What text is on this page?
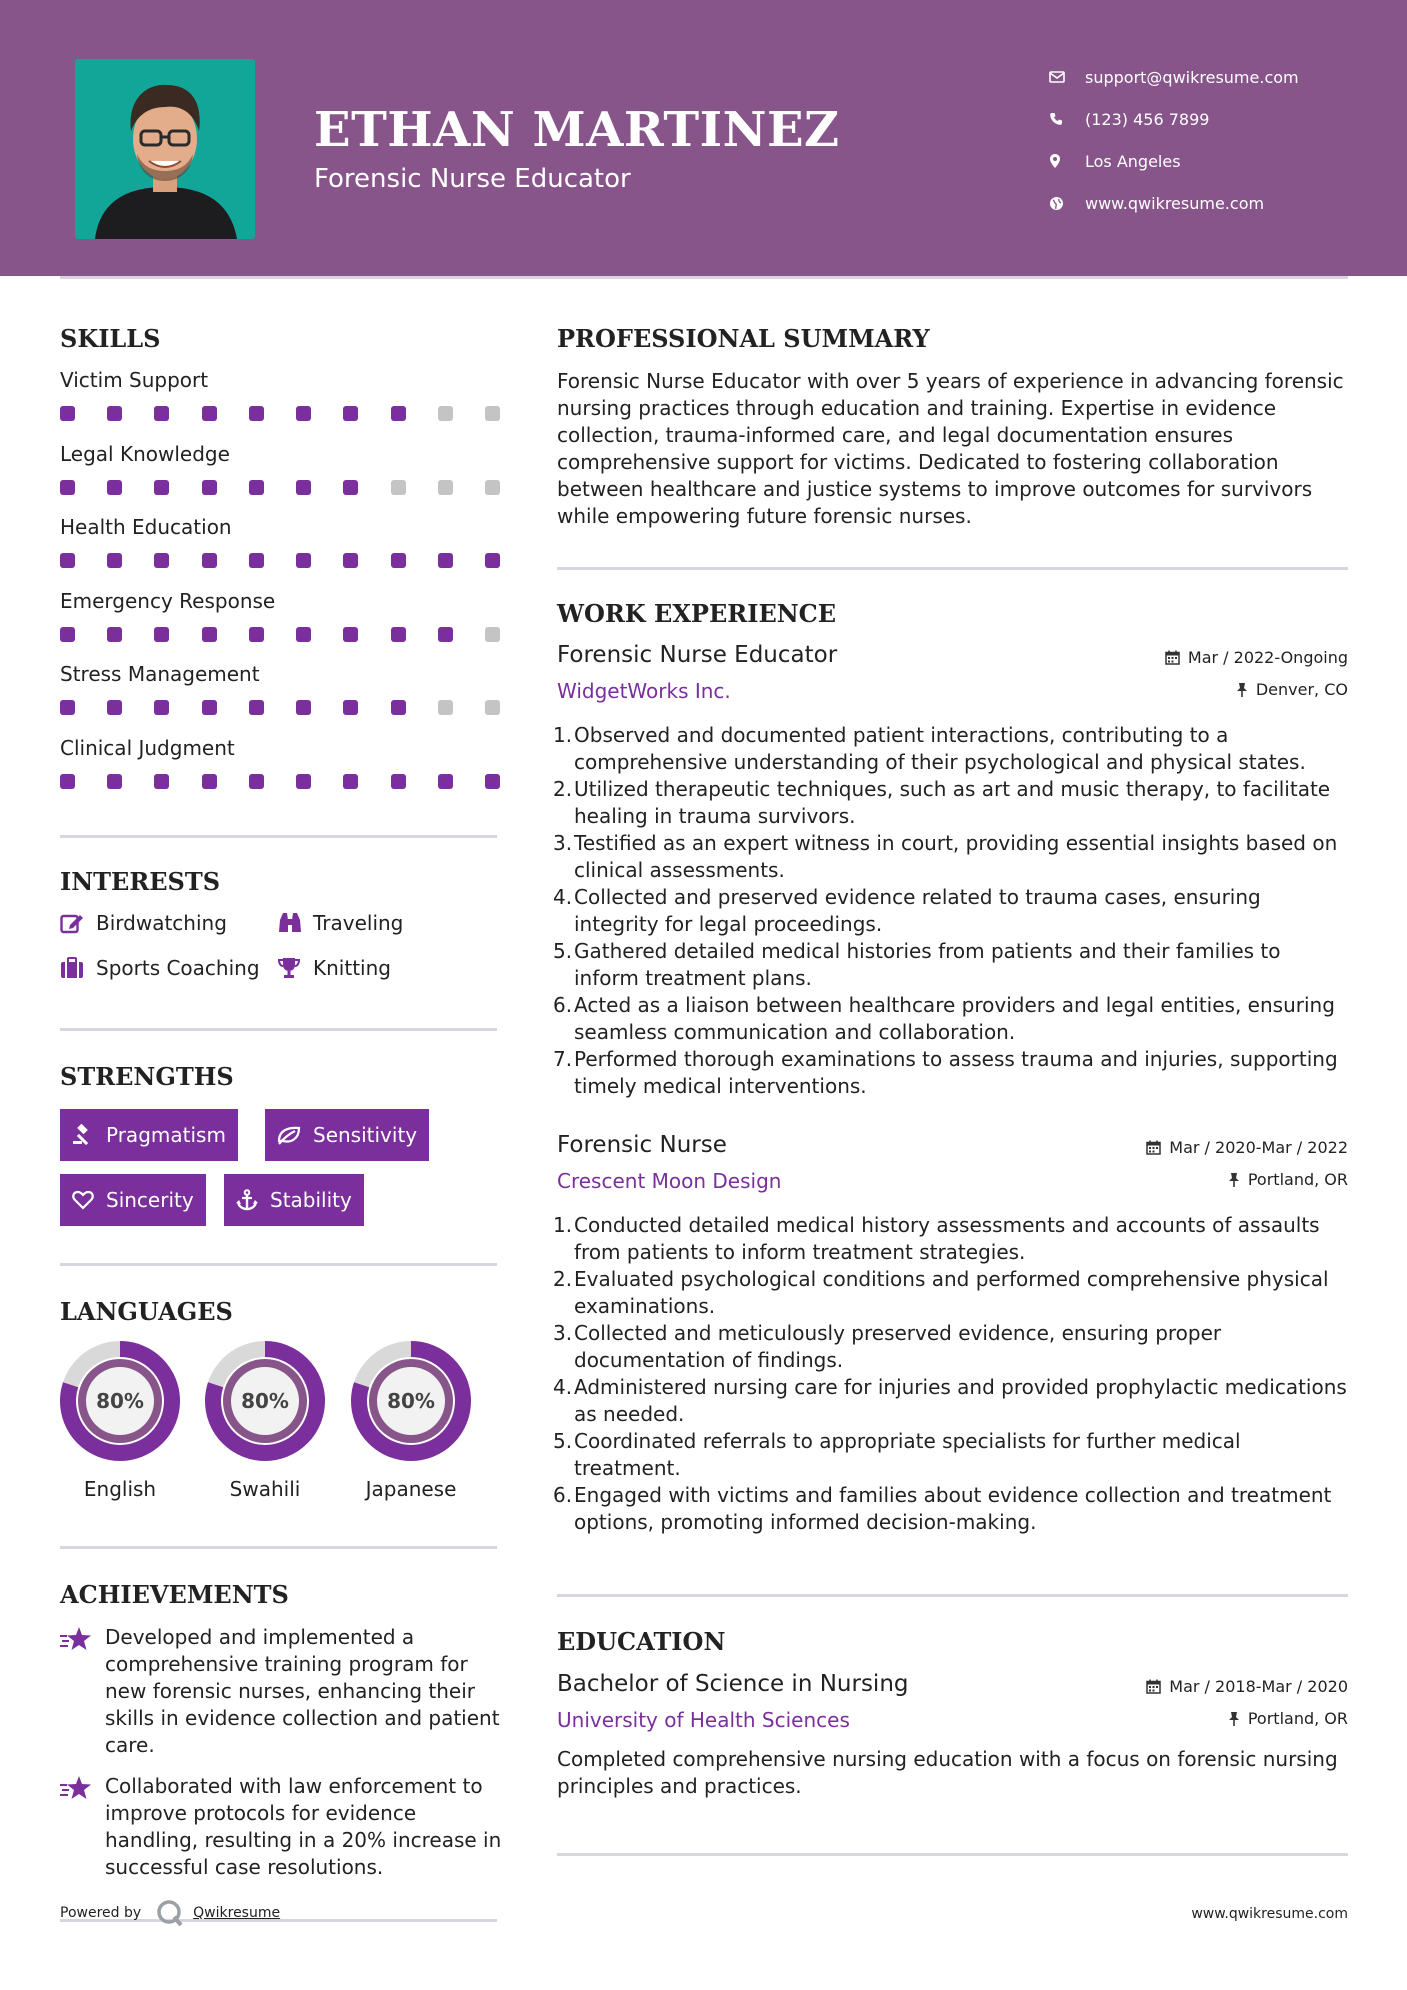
ETHAN MARTINEZ
Forensic Nurse Educator
support@qwikresume.com
(123) 456 7899
Los Angeles
www.qwikresume.com
SKILLS
Victim Support
Legal Knowledge
Health Education
Emergency Response
Stress Management
Clinical Judgment
INTERESTS
Birdwatching	Traveling
Sports Coaching	Knitting
STRENGTHS
Pragmatism	Sensitivity
Sincerity	Stability
LANGUAGES
80%
English
80%
Swahili
80%
Japanese
ACHIEVEMENTS
Developed and implemented a comprehensive training program for new forensic nurses, enhancing their skills in evidence collection and patient care.
Collaborated with law enforcement to improve protocols for evidence handling, resulting in a 20% increase in successful case resolutions.
Powered by	Qwikresume
PROFESSIONAL SUMMARY
Forensic Nurse Educator with over 5 years of experience in advancing forensic nursing practices through education and training. Expertise in evidence collection, trauma-informed care, and legal documentation ensures comprehensive support for victims. Dedicated to fostering collaboration between healthcare and justice systems to improve outcomes for survivors while empowering future forensic nurses.
WORK EXPERIENCE
Forensic Nurse Educator
WidgetWorks Inc.
Mar / 2022-Ongoing
Denver, CO
1. Observed and documented patient interactions, contributing to a comprehensive understanding of their psychological and physical states.
2. Utilized therapeutic techniques, such as art and music therapy, to facilitate healing in trauma survivors.
3. Testified as an expert witness in court, providing essential insights based on clinical assessments.
4. Collected and preserved evidence related to trauma cases, ensuring integrity for legal proceedings.
5. Gathered detailed medical histories from patients and their families to inform treatment plans.
6. Acted as a liaison between healthcare providers and legal entities, ensuring seamless communication and collaboration.
7. Performed thorough examinations to assess trauma and injuries, supporting timely medical interventions.
Forensic Nurse
Crescent Moon Design
Mar / 2020-Mar / 2022
Portland, OR
1. Conducted detailed medical history assessments and accounts of assaults from patients to inform treatment strategies.
2. Evaluated psychological conditions and performed comprehensive physical examinations.
3. Collected and meticulously preserved evidence, ensuring proper documentation of findings.
4. Administered nursing care for injuries and provided prophylactic medications as needed.
5. Coordinated referrals to appropriate specialists for further medical treatment.
6. Engaged with victims and families about evidence collection and treatment options, promoting informed decision-making.
EDUCATION
Bachelor of Science in Nursing
University of Health Sciences
Mar / 2018-Mar / 2020
Portland, OR
Completed comprehensive nursing education with a focus on forensic nursing principles and practices.
www.qwikresume.com
